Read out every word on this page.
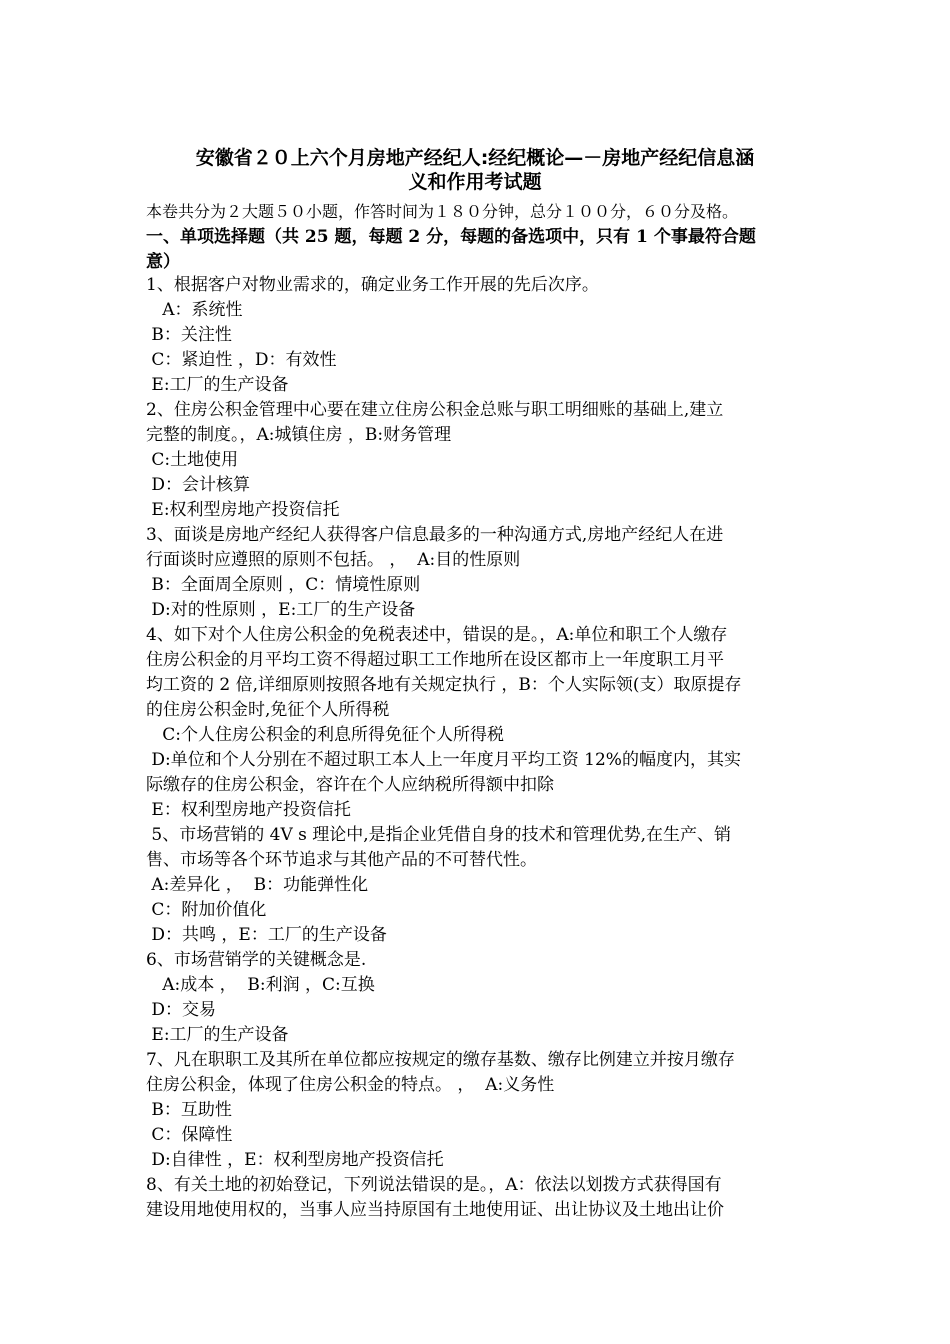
安徽省２０上六个月房地产经纪人:经纪概论—－房地产经纪信息涵
义和作用考试题
本卷共分为２大题５０小题，作答时间为１８０分钟，总分１００分，６０分及格。
一、单项选择题（共 25 题，每题 2 分，每题的备选项中，只有 1 个事最符合题
意）
1、根据客户对物业需求的，确定业务工作开展的先后次序。
A：系统性
B：关注性
C：紧迫性 ，D：有效性
E:工厂的生产设备
2、住房公积金管理中心要在建立住房公积金总账与职工明细账的基础上,建立
完整的制度。，A:城镇住房 ，B:财务管理
C:土地使用
D：会计核算
E:权利型房地产投资信托
3、面谈是房地产经纪人获得客户信息最多的一种沟通方式,房地产经纪人在进
行面谈时应遵照的原则不包括。 ，  A:目的性原则
B：全面周全原则 ，C：情境性原则
D:对的性原则 ，E:工厂的生产设备
4、如下对个人住房公积金的免税表述中，错误的是。，A:单位和职工个人缴存
住房公积金的月平均工资不得超过职工工作地所在设区都市上一年度职工月平
均工资的 2 倍,详细原则按照各地有关规定执行 ，B：个人实际领(支）取原提存
的住房公积金时,免征个人所得税
C:个人住房公积金的利息所得免征个人所得税
D:单位和个人分别在不超过职工本人上一年度月平均工资 12%的幅度内，其实
际缴存的住房公积金，容许在个人应纳税所得额中扣除
E：权利型房地产投资信托
5、市场营销的 4V s 理论中,是指企业凭借自身的技术和管理优势,在生产、销
售、市场等各个环节追求与其他产品的不可替代性。
A:差异化 ，  B：功能弹性化
C：附加价值化
D：共鸣 ，E：工厂的生产设备
6、市场营销学的关键概念是.
A:成本 ，  B:利润 ，C:互换
D：交易
E:工厂的生产设备
7、凡在职职工及其所在单位都应按规定的缴存基数、缴存比例建立并按月缴存
住房公积金，体现了住房公积金的特点。 ，  A:义务性
B：互助性
C：保障性
D:自律性 ，E：权利型房地产投资信托
8、有关土地的初始登记，下列说法错误的是。，A：依法以划拨方式获得国有
建设用地使用权的，当事人应当持原国有土地使用证、出让协议及土地出让价
